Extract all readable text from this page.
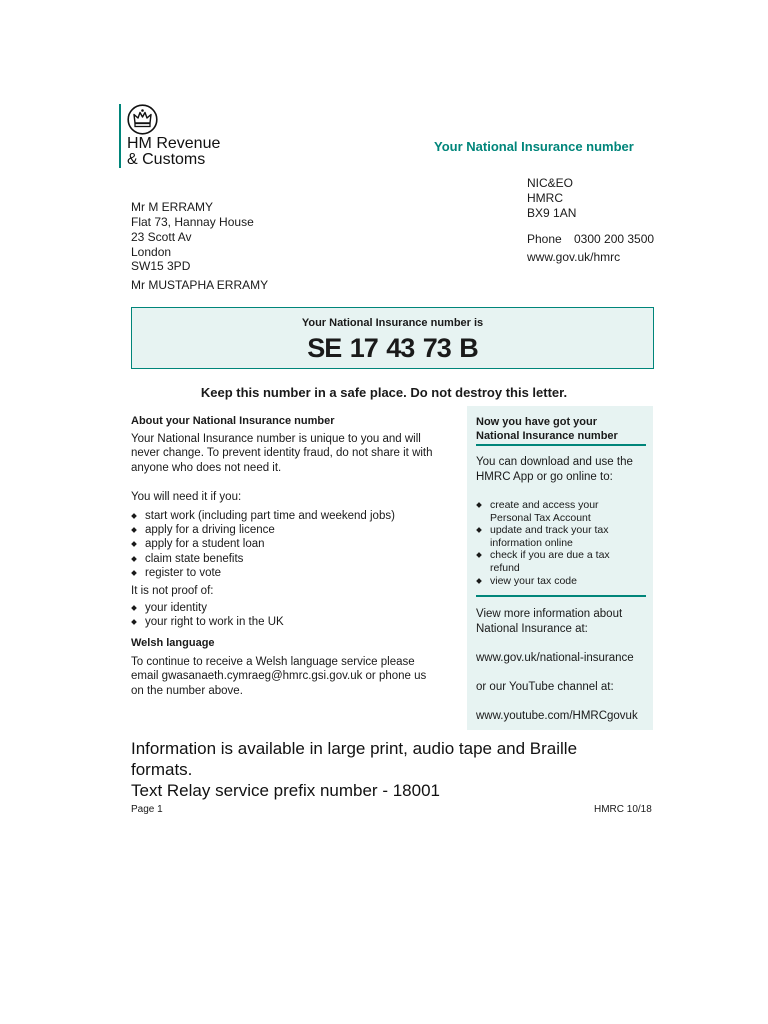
HM Revenue
& Customs
Your National Insurance number
NIC&EO
HMRC
BX9 1AN
Phone 0300 200 3500
www.gov.uk/hmrc
Mr M ERRAMY
Flat 73, Hannay House
23 Scott Av
London
SW15 3PD
Mr MUSTAPHA ERRAMY
Your National Insurance number is
SE 17 43 73 B
Keep this number in a safe place. Do not destroy this letter.
About your National Insurance number
Your National Insurance number is unique to you and will
never change. To prevent identity fraud, do not share it with
anyone who does not need it.
You will need it if you:
start work (including part time and weekend jobs)
apply for a driving licence
apply for a student loan
claim state benefits
register to vote
It is not proof of:
your identity
your right to work in the UK
Welsh language
To continue to receive a Welsh language service please
email gwasanaeth.cymraeg@hmrc.gsi.gov.uk or phone us
on the number above.
Now you have got your
National Insurance number
You can download and use the
HMRC App or go online to:
create and access your
Personal Tax Account
update and track your tax
information online
check if you are due a tax
refund
view your tax code
View more information about
National Insurance at:
www.gov.uk/national-insurance
or our YouTube channel at:
www.youtube.com/HMRCgovuk
Information is available in large print, audio tape and Braille
formats.
Text Relay service prefix number - 18001
Page 1	HMRC 10/18
